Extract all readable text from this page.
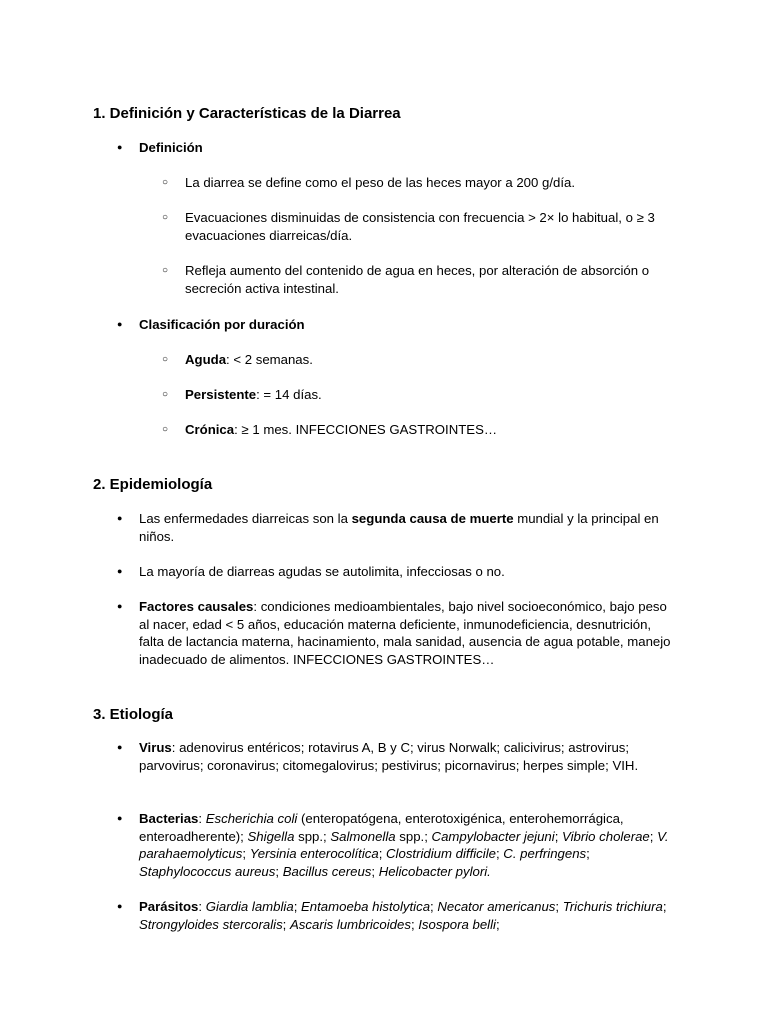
1. Definición y Características de la Diarrea
● Definición
○ La diarrea se define como el peso de las heces mayor a 200 g/día.
○ Evacuaciones disminuidas de consistencia con frecuencia > 2× lo habitual, o ≥ 3 evacuaciones diarreicas/día.
○ Refleja aumento del contenido de agua en heces, por alteración de absorción o secreción activa intestinal.
● Clasificación por duración
○ Aguda: < 2 semanas.
○ Persistente: = 14 días.
○ Crónica: ≥ 1 mes. INFECCIONES GASTROINTES…
2. Epidemiología
● Las enfermedades diarreicas son la segunda causa de muerte mundial y la principal en niños.
● La mayoría de diarreas agudas se autolimita, infecciosas o no.
● Factores causales: condiciones medioambientales, bajo nivel socioeconómico, bajo peso al nacer, edad < 5 años, educación materna deficiente, inmunodeficiencia, desnutrición, falta de lactancia materna, hacinamiento, mala sanidad, ausencia de agua potable, manejo inadecuado de alimentos. INFECCIONES GASTROINTES…
3. Etiología
● Virus: adenovirus entéricos; rotavirus A, B y C; virus Norwalk; calicivirus; astrovirus; parvovirus; coronavirus; citomegalovirus; pestivirus; picornavirus; herpes simple; VIH.
● Bacterias: Escherichia coli (enteropatógena, enterotoxigénica, enterohemorrágica, enteroadherente); Shigella spp.; Salmonella spp.; Campylobacter jejuni; Vibrio cholerae; V. parahaemolyticus; Yersinia enterocolítica; Clostridium difficile; C. perfringens; Staphylococcus aureus; Bacillus cereus; Helicobacter pylori.
● Parásitos: Giardia lamblia; Entamoeba histolytica; Necator americanus; Trichuris trichiura; Strongyloides stercoralis; Ascaris lumbricoides; Isospora belli;
